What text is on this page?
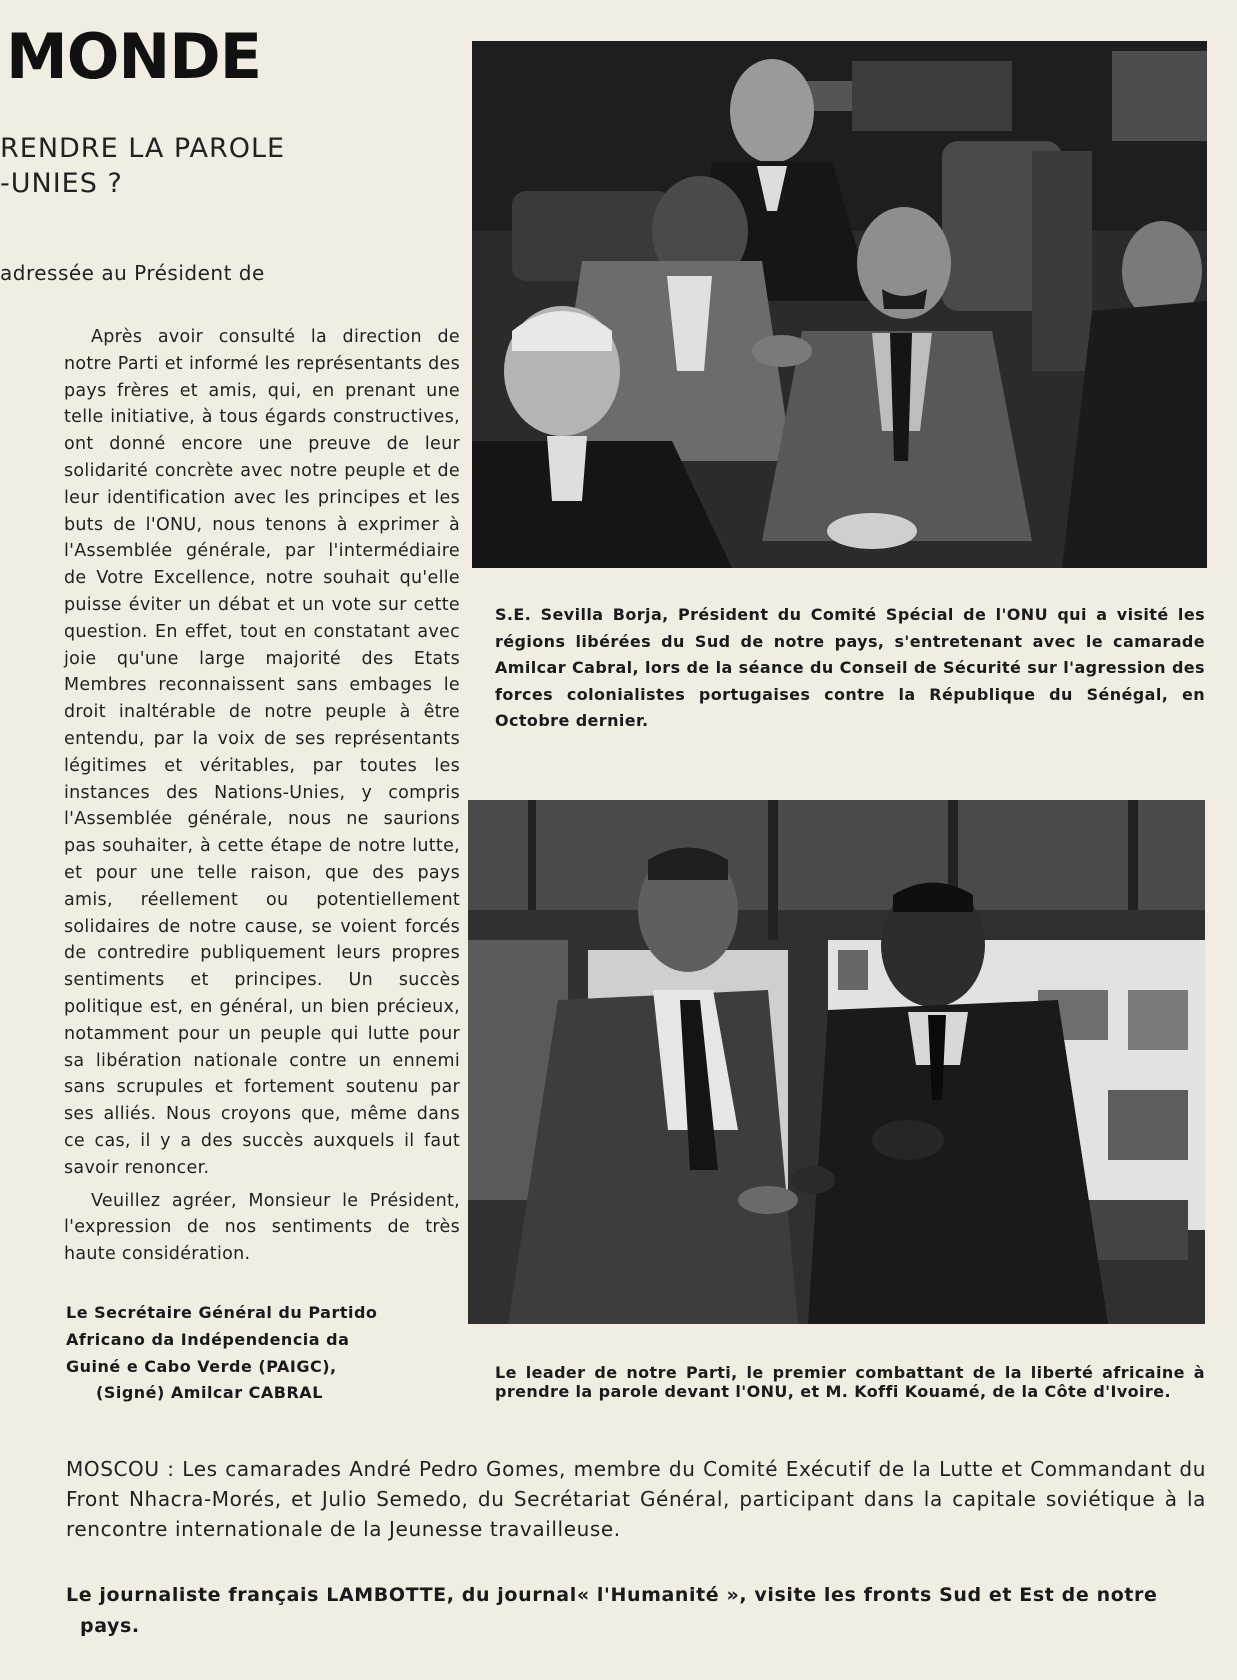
MONDE
RENDRE LA PAROLE
-UNIES ?
adressée au Président de

Après avoir consulté la direction de notre Parti et informé les représentants des pays frères et amis, qui, en prenant une telle initiative, à tous égards constructives, ont donné encore une preuve de leur solidarité concrète avec notre peuple et de leur identification avec les principes et les buts de l'ONU, nous tenons à exprimer à l'Assemblée générale, par l'intermédiaire de Votre Excellence, notre souhait qu'elle puisse éviter un débat et un vote sur cette question. En effet, tout en constatant avec joie qu'une large majorité des Etats Membres reconnaissent sans embages le droit inaltérable de notre peuple à être entendu, par la voix de ses représentants légitimes et véritables, par toutes les instances des Nations-Unies, y compris l'Assemblée générale, nous ne saurions pas souhaiter, à cette étape de notre lutte, et pour une telle raison, que des pays amis, réellement ou potentiellement solidaires de notre cause, se voient forcés de contredire publiquement leurs propres sentiments et principes. Un succès politique est, en général, un bien précieux, notamment pour un peuple qui lutte pour sa libération nationale contre un ennemi sans scrupules et fortement soutenu par ses alliés. Nous croyons que, même dans ce cas, il y a des succès auxquels il faut savoir renoncer.

Veuillez agréer, Monsieur le Président, l'expression de nos sentiments de très haute considération.

Le Secrétaire Général du Partido
Africano da Indépendencia da
Guiné e Cabo Verde (PAIGC),
(Signé) Amilcar CABRAL
S.E. Sevilla Borja, Président du Comité Spécial de l'ONU qui a visité les régions libérées du Sud de notre pays, s'entretenant avec le camarade Amilcar Cabral, lors de la séance du Conseil de Sécurité sur l'agression des forces colonialistes portugaises contre la République du Sénégal, en Octobre dernier.
Le leader de notre Parti, le premier combattant de la liberté africaine à prendre la parole devant l'ONU, et M. Koffi Kouamé, de la Côte d'Ivoire.
MOSCOU : Les camarades André Pedro Gomes, membre du Comité Exécutif de la Lutte et Commandant du Front Nhacra-Morés, et Julio Semedo, du Secrétariat Général, participant dans la capitale soviétique à la rencontre internationale de la Jeunesse travailleuse.
Le journaliste français LAMBOTTE, du journal« l'Humanité », visite les fronts Sud et Est de notre
pays.
